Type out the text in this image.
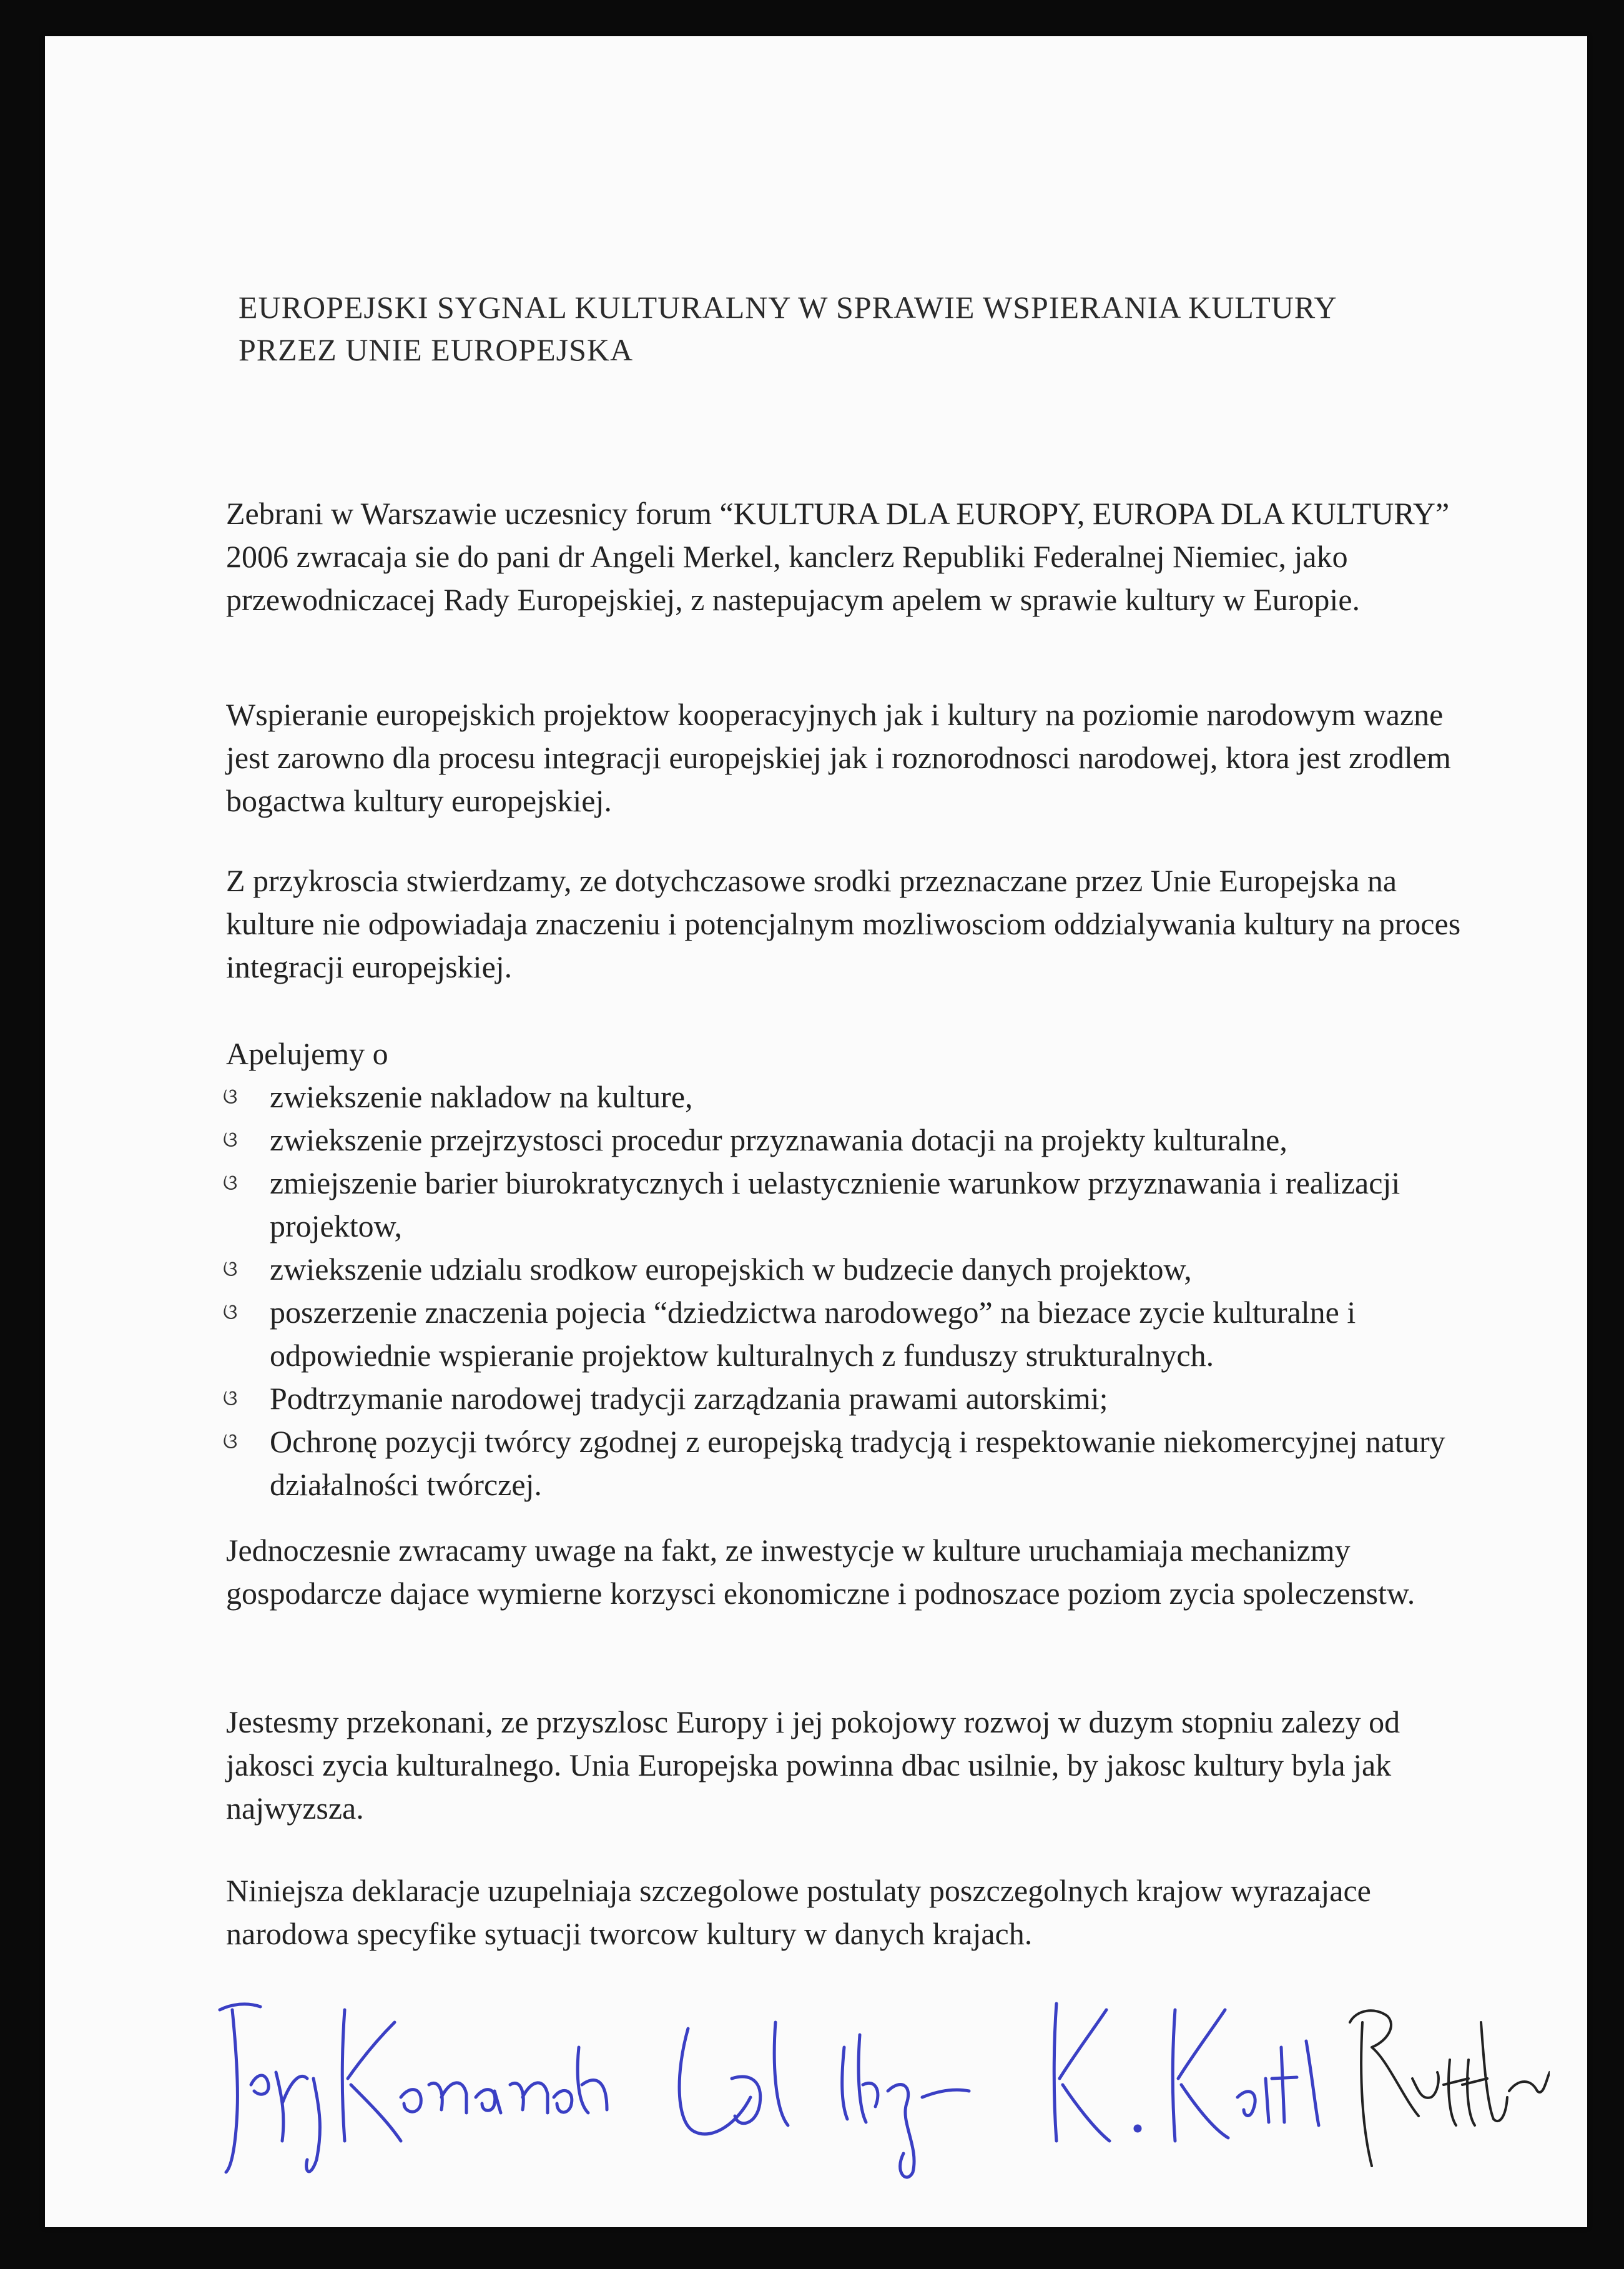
EUROPEJSKI SYGNAL KULTURALNY W SPRAWIE WSPIERANIA KULTURY
PRZEZ UNIE EUROPEJSKA

Zebrani w Warszawie uczesnicy forum “KULTURA DLA EUROPY, EUROPA DLA KULTURY” 2006 zwracaja sie do pani dr Angeli Merkel, kanclerz Republiki Federalnej Niemiec, jako przewodniczacej Rady Europejskiej, z nastepujacym apelem w sprawie kultury w Europie.

Wspieranie europejskich projektow kooperacyjnych jak i kultury na poziomie narodowym wazne jest zarowno dla procesu integracji europejskiej jak i roznorodnosci narodowej, ktora jest zrodlem bogactwa kultury europejskiej.

Z przykroscia stwierdzamy, ze dotychczasowe srodki przeznaczane przez Unie Europejska na kulture nie odpowiadaja znaczeniu i potencjalnym mozliwosciom oddzialywania kultury na proces integracji europejskiej.

Apelujemy o
ଓ	zwiekszenie nakladow na kulture,
ଓ	zwiekszenie przejrzystosci procedur przyznawania dotacji na projekty kulturalne,
ଓ	zmiejszenie barier biurokratycznych i uelastycznienie warunkow przyznawania i realizacji projektow,
ଓ	zwiekszenie udzialu srodkow europejskich w budzecie danych projektow,
ଓ	poszerzenie znaczenia pojecia “dziedzictwa narodowego” na biezace zycie kulturalne i odpowiednie wspieranie projektow kulturalnych z funduszy strukturalnych.
ଓ	Podtrzymanie narodowej tradycji zarządzania prawami autorskimi;
ଓ	Ochronę pozycji twórcy zgodnej z europejską tradycją i respektowanie niekomercyjnej natury działalności twórczej.

Jednoczesnie zwracamy uwage na fakt, ze inwestycje w kulture uruchamiaja mechanizmy gospodarcze dajace wymierne korzysci ekonomiczne i podnoszace poziom zycia spoleczenstw.

Jestesmy przekonani, ze przyszlosc Europy i jej pokojowy rozwoj w duzym stopniu zalezy od jakosci zycia kulturalnego. Unia Europejska powinna dbac usilnie, by jakosc kultury byla jak najwyzsza.

Niniejsza deklaracje uzupelniaja szczegolowe postulaty poszczegolnych krajow wyrazajace narodowa specyfike sytuacji tworcow kultury w danych krajach.
